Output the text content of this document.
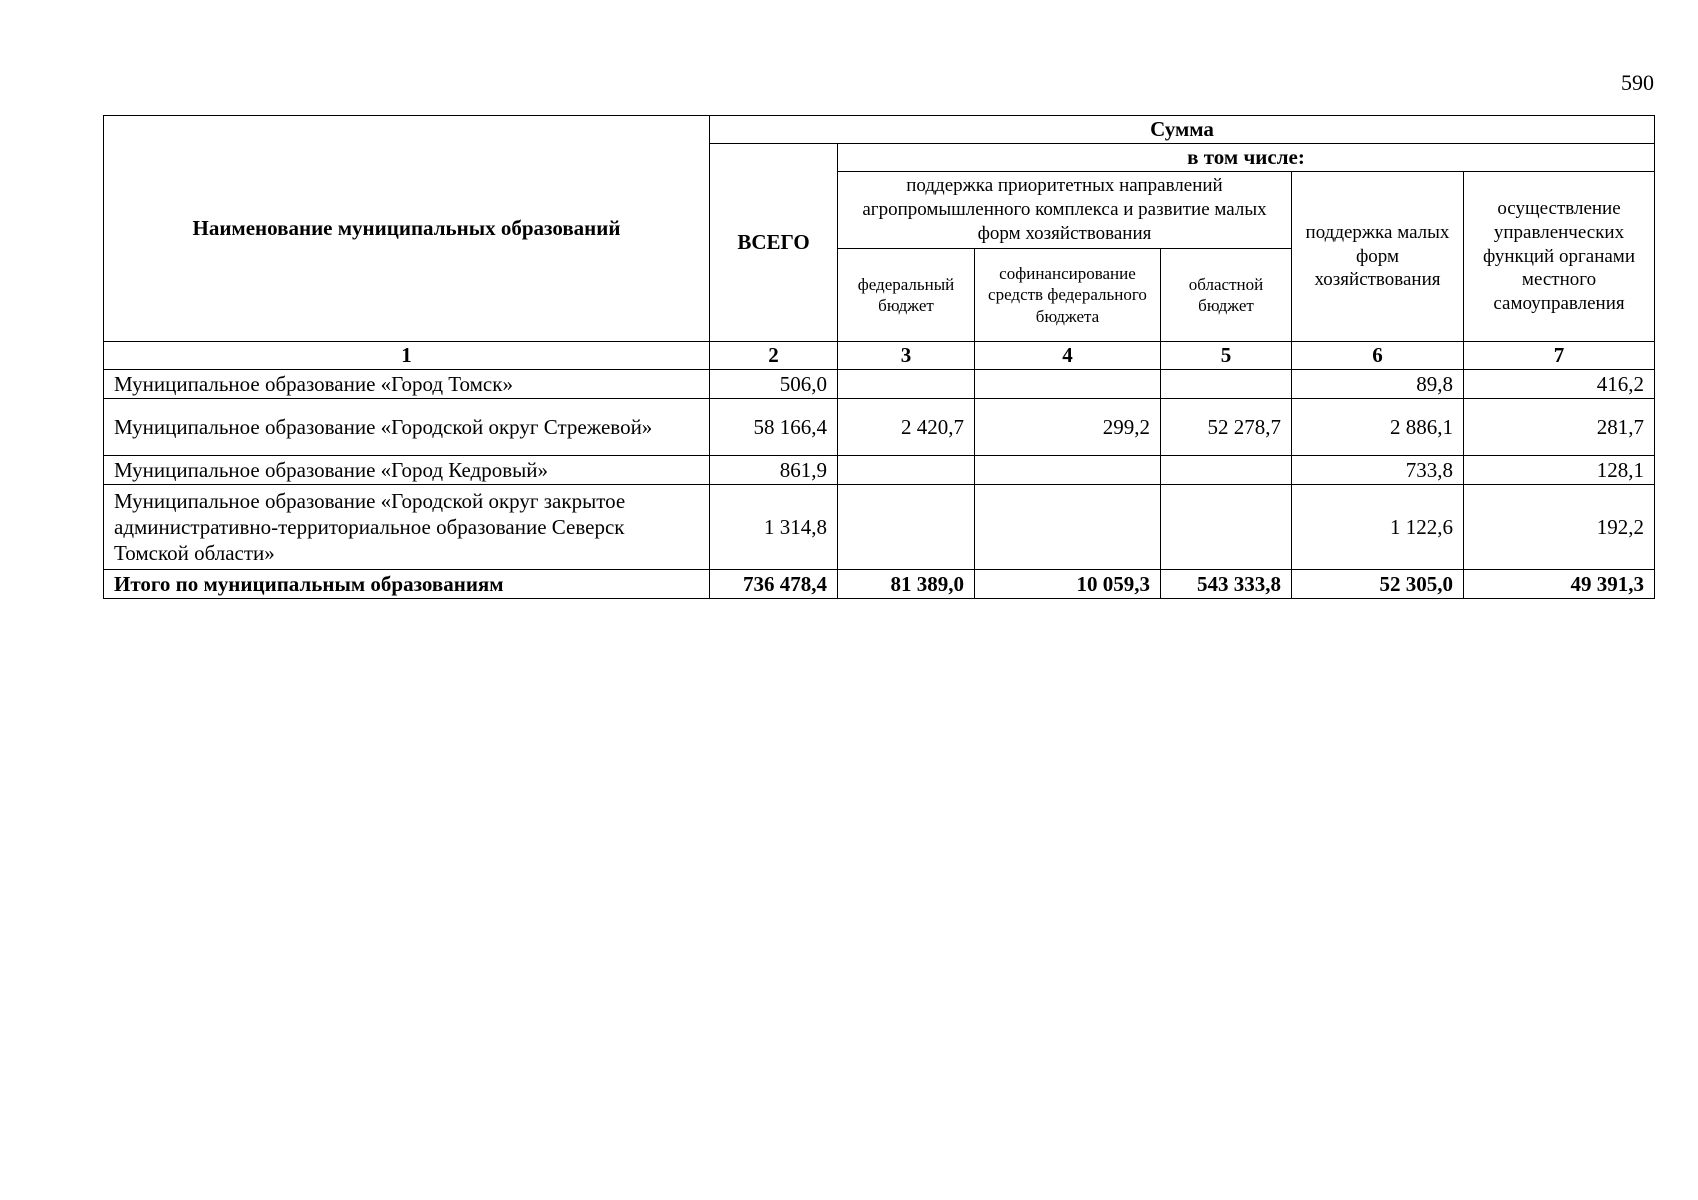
590
Наименование муниципальных образований	Сумма					
	ВСЕГО	в том числе:				
		поддержка приоритетных направлений агропромышленного комплекса и развитие малых форм хозяйствования			поддержка малых форм хозяйствования	осуществление управленческих функций органами местного самоуправления
		федеральный бюджет	софинансирование средств федерального бюджета	областной бюджет		
1	2	3	4	5	6	7
Муниципальное образование «Город Томск»	506,0				89,8	416,2
Муниципальное образование «Городской округ Стрежевой»	58 166,4	2 420,7	299,2	52 278,7	2 886,1	281,7
Муниципальное образование «Город Кедровый»	861,9				733,8	128,1
Муниципальное образование «Городской округ закрытое административно-территориальное образование Северск Томской области»	1 314,8				1 122,6	192,2
Итого по муниципальным образованиям	736 478,4	81 389,0	10 059,3	543 333,8	52 305,0	49 391,3
